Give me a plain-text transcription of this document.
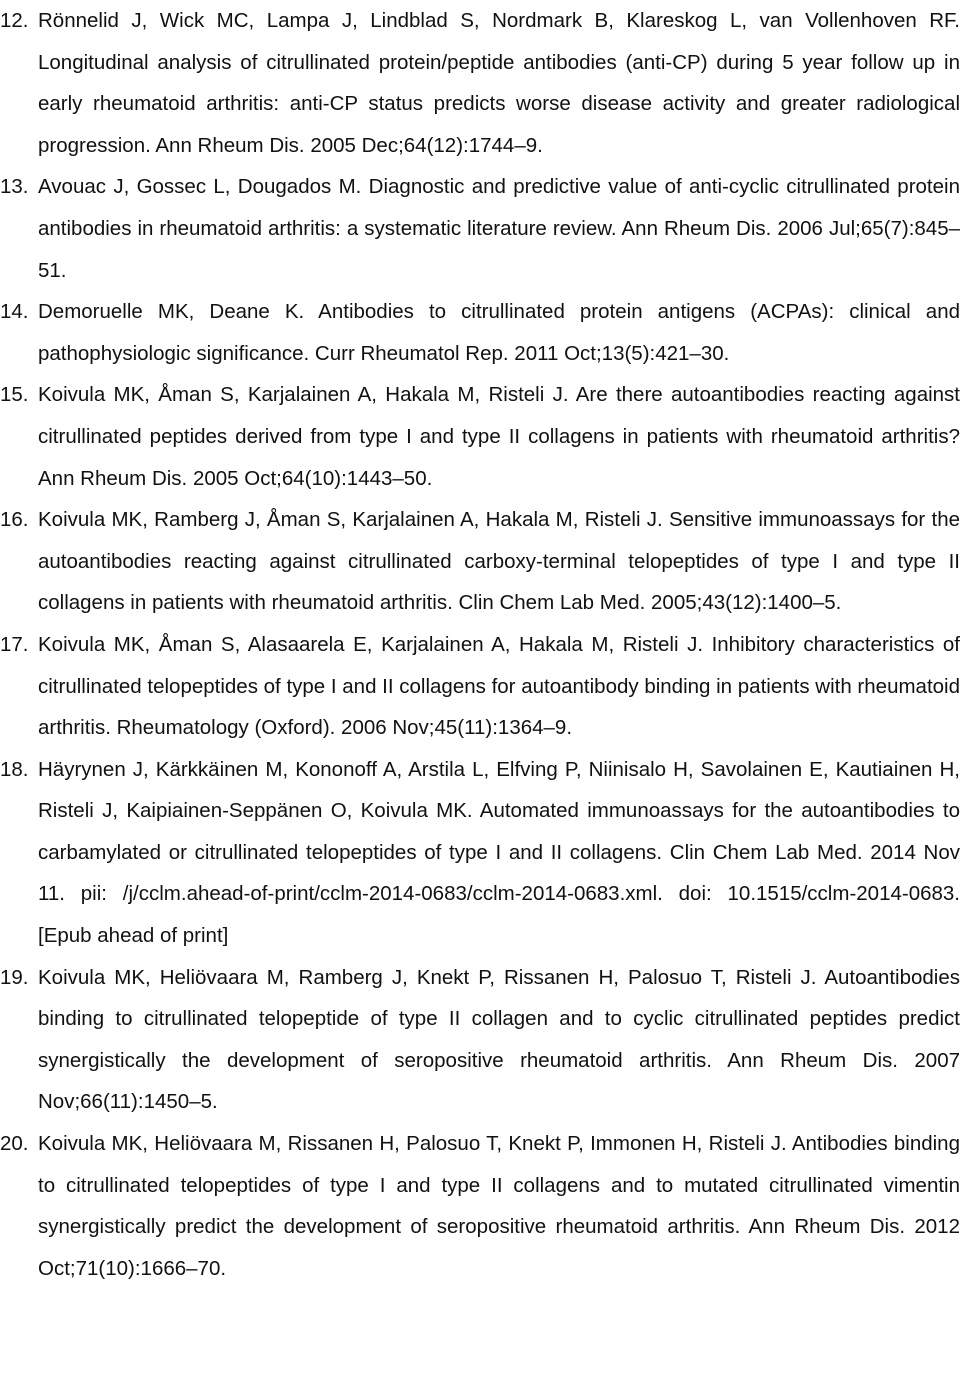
12. Rönnelid J, Wick MC, Lampa J, Lindblad S, Nordmark B, Klareskog L, van Vollenhoven RF. Longitudinal analysis of citrullinated protein/peptide antibodies (anti-CP) during 5 year follow up in early rheumatoid arthritis: anti-CP status predicts worse disease activity and greater radiological progression. Ann Rheum Dis. 2005 Dec;64(12):1744–9.
13. Avouac J, Gossec L, Dougados M. Diagnostic and predictive value of anti-cyclic citrullinated protein antibodies in rheumatoid arthritis: a systematic literature review. Ann Rheum Dis. 2006 Jul;65(7):845–51.
14. Demoruelle MK, Deane K. Antibodies to citrullinated protein antigens (ACPAs): clinical and pathophysiologic significance. Curr Rheumatol Rep. 2011 Oct;13(5):421–30.
15. Koivula MK, Åman S, Karjalainen A, Hakala M, Risteli J. Are there autoantibodies reacting against citrullinated peptides derived from type I and type II collagens in patients with rheumatoid arthritis? Ann Rheum Dis. 2005 Oct;64(10):1443–50.
16. Koivula MK, Ramberg J, Åman S, Karjalainen A, Hakala M, Risteli J. Sensitive immunoassays for the autoantibodies reacting against citrullinated carboxy-terminal telopeptides of type I and type II collagens in patients with rheumatoid arthritis. Clin Chem Lab Med. 2005;43(12):1400–5.
17. Koivula MK, Åman S, Alasaarela E, Karjalainen A, Hakala M, Risteli J. Inhibitory characteristics of citrullinated telopeptides of type I and II collagens for autoantibody binding in patients with rheumatoid arthritis. Rheumatology (Oxford). 2006 Nov;45(11):1364–9.
18. Häyrynen J, Kärkkäinen M, Kononoff A, Arstila L, Elfving P, Niinisalo H, Savolainen E, Kautiainen H, Risteli J, Kaipiainen-Seppänen O, Koivula MK. Automated immunoassays for the autoantibodies to carbamylated or citrullinated telopeptides of type I and II collagens. Clin Chem Lab Med. 2014 Nov 11. pii: /j/cclm.ahead-of-print/cclm-2014-0683/cclm-2014-0683.xml. doi: 10.1515/cclm-2014-0683. [Epub ahead of print]
19. Koivula MK, Heliövaara M, Ramberg J, Knekt P, Rissanen H, Palosuo T, Risteli J. Autoantibodies binding to citrullinated telopeptide of type II collagen and to cyclic citrullinated peptides predict synergistically the development of seropositive rheumatoid arthritis. Ann Rheum Dis. 2007 Nov;66(11):1450–5.
20. Koivula MK, Heliövaara M, Rissanen H, Palosuo T, Knekt P, Immonen H, Risteli J. Antibodies binding to citrullinated telopeptides of type I and type II collagens and to mutated citrullinated vimentin synergistically predict the development of seropositive rheumatoid arthritis. Ann Rheum Dis. 2012 Oct;71(10):1666–70.
